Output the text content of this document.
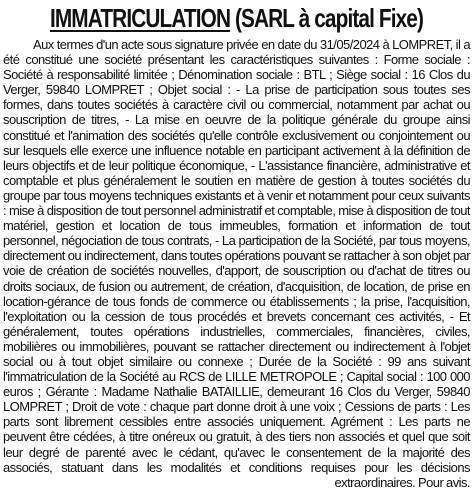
IMMATRICULATION (SARL à capital Fixe)

Aux termes d'un acte sous signature privée en date du 31/05/2024 à LOMPRET, il a été constitué une société présentant les caractéristiques suivantes : Forme sociale : Société à responsabilité limitée ; Dénomination sociale : BTL ; Siège social : 16 Clos du Verger, 59840 LOMPRET ; Objet social : - La prise de participation sous toutes ses formes, dans toutes sociétés à caractère civil ou commercial, notamment par achat ou souscription de titres, - La mise en oeuvre de la politique générale du groupe ainsi constitué et l'animation des sociétés qu'elle contrôle exclusivement ou conjointement ou sur lesquels elle exerce une influence notable en participant activement à la définition de leurs objectifs et de leur politique économique, - L'assistance financière, administrative et comptable et plus généralement le soutien en matière de gestion à toutes sociétés du groupe par tous moyens techniques existants et à venir et notamment pour ceux suivants : mise à disposition de tout personnel administratif et comptable, mise à disposition de tout matériel, gestion et location de tous immeubles, formation et information de tout personnel, négociation de tous contrats, - La participation de la Société, par tous moyens, directement ou indirectement, dans toutes opérations pouvant se rattacher à son objet par voie de création de sociétés nouvelles, d'apport, de souscription ou d'achat de titres ou droits sociaux, de fusion ou autrement, de création, d'acquisition, de location, de prise en location-gérance de tous fonds de commerce ou établissements ; la prise, l'acquisition, l'exploitation ou la cession de tous procédés et brevets concernant ces activités, - Et généralement, toutes opérations industrielles, commerciales, financières, civiles, mobilières ou immobilières, pouvant se rattacher directement ou indirectement à l'objet social ou à tout objet similaire ou connexe ; Durée de la Société : 99 ans suivant l'immatriculation de la Société au RCS de LILLE METROPOLE ; Capital social : 100 000 euros ; Gérante : Madame Nathalie BATAILLIE, demeurant 16 Clos du Verger, 59840 LOMPRET ; Droit de vote : chaque part donne droit à une voix ; Cessions de parts : Les parts sont librement cessibles entre associés uniquement. Agrément : Les parts ne peuvent être cédées, à titre onéreux ou gratuit, à des tiers non associés et quel que soit leur degré de parenté avec le cédant, qu'avec le consentement de la majorité des associés, statuant dans les modalités et conditions requises pour les décisions extraordinaires. Pour avis.
